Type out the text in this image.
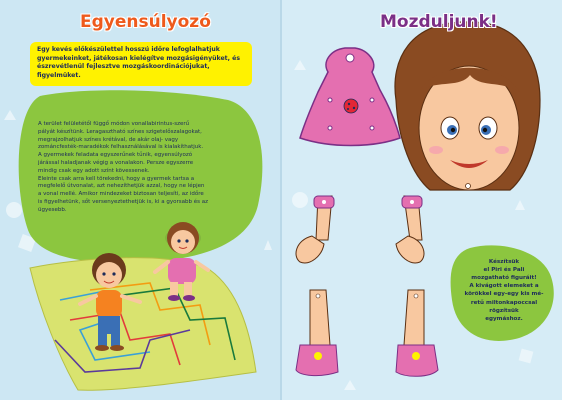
Egyensúlyozó	Mozduljunk!
Egy kevés előkészülettel hosszú időre lefoglalhatjuk gyermekeinket, játékosan kielégítve mozgásigényüket, és észrevétlenül fejlesztve mozgáskoordinációjukat, figyelmüket.

A terület felületétől függő módon vonallabirintus-szerű pályát készítünk. Leragasztható színes szigetelőszalagokat, megrajzolhatjuk színes krétával, de akár olaj- vagy zománcfesték-maradékok felhasználásával is kialakíthatjuk.

A gyermekek feladata egyszerűnek tűnik, egyensúlyozó járással haladjanak végig a vonalakon. Persze egyszerre mindig csak egy adott színt kövessenek.

Eleinte csak arra kell törekedni, hogy a gyermek tartsa a megfelelő útvonalat, azt nehezíthetjük azzal, hogy ne lépjen a vonal mellé. Amikor mindezeket biztosan teljesíti, az időre is figyelhetünk, sőt versenyeztethetjük is, ki a gyorsabb és az ügyesebb.

Készítsük
el Piri és Pali
mozgatható figuráit!
A kivágott elemeket a
körökkel egy-egy kis mé-
retű miltonkapoccsal
rögzítsük
egymáshoz.
